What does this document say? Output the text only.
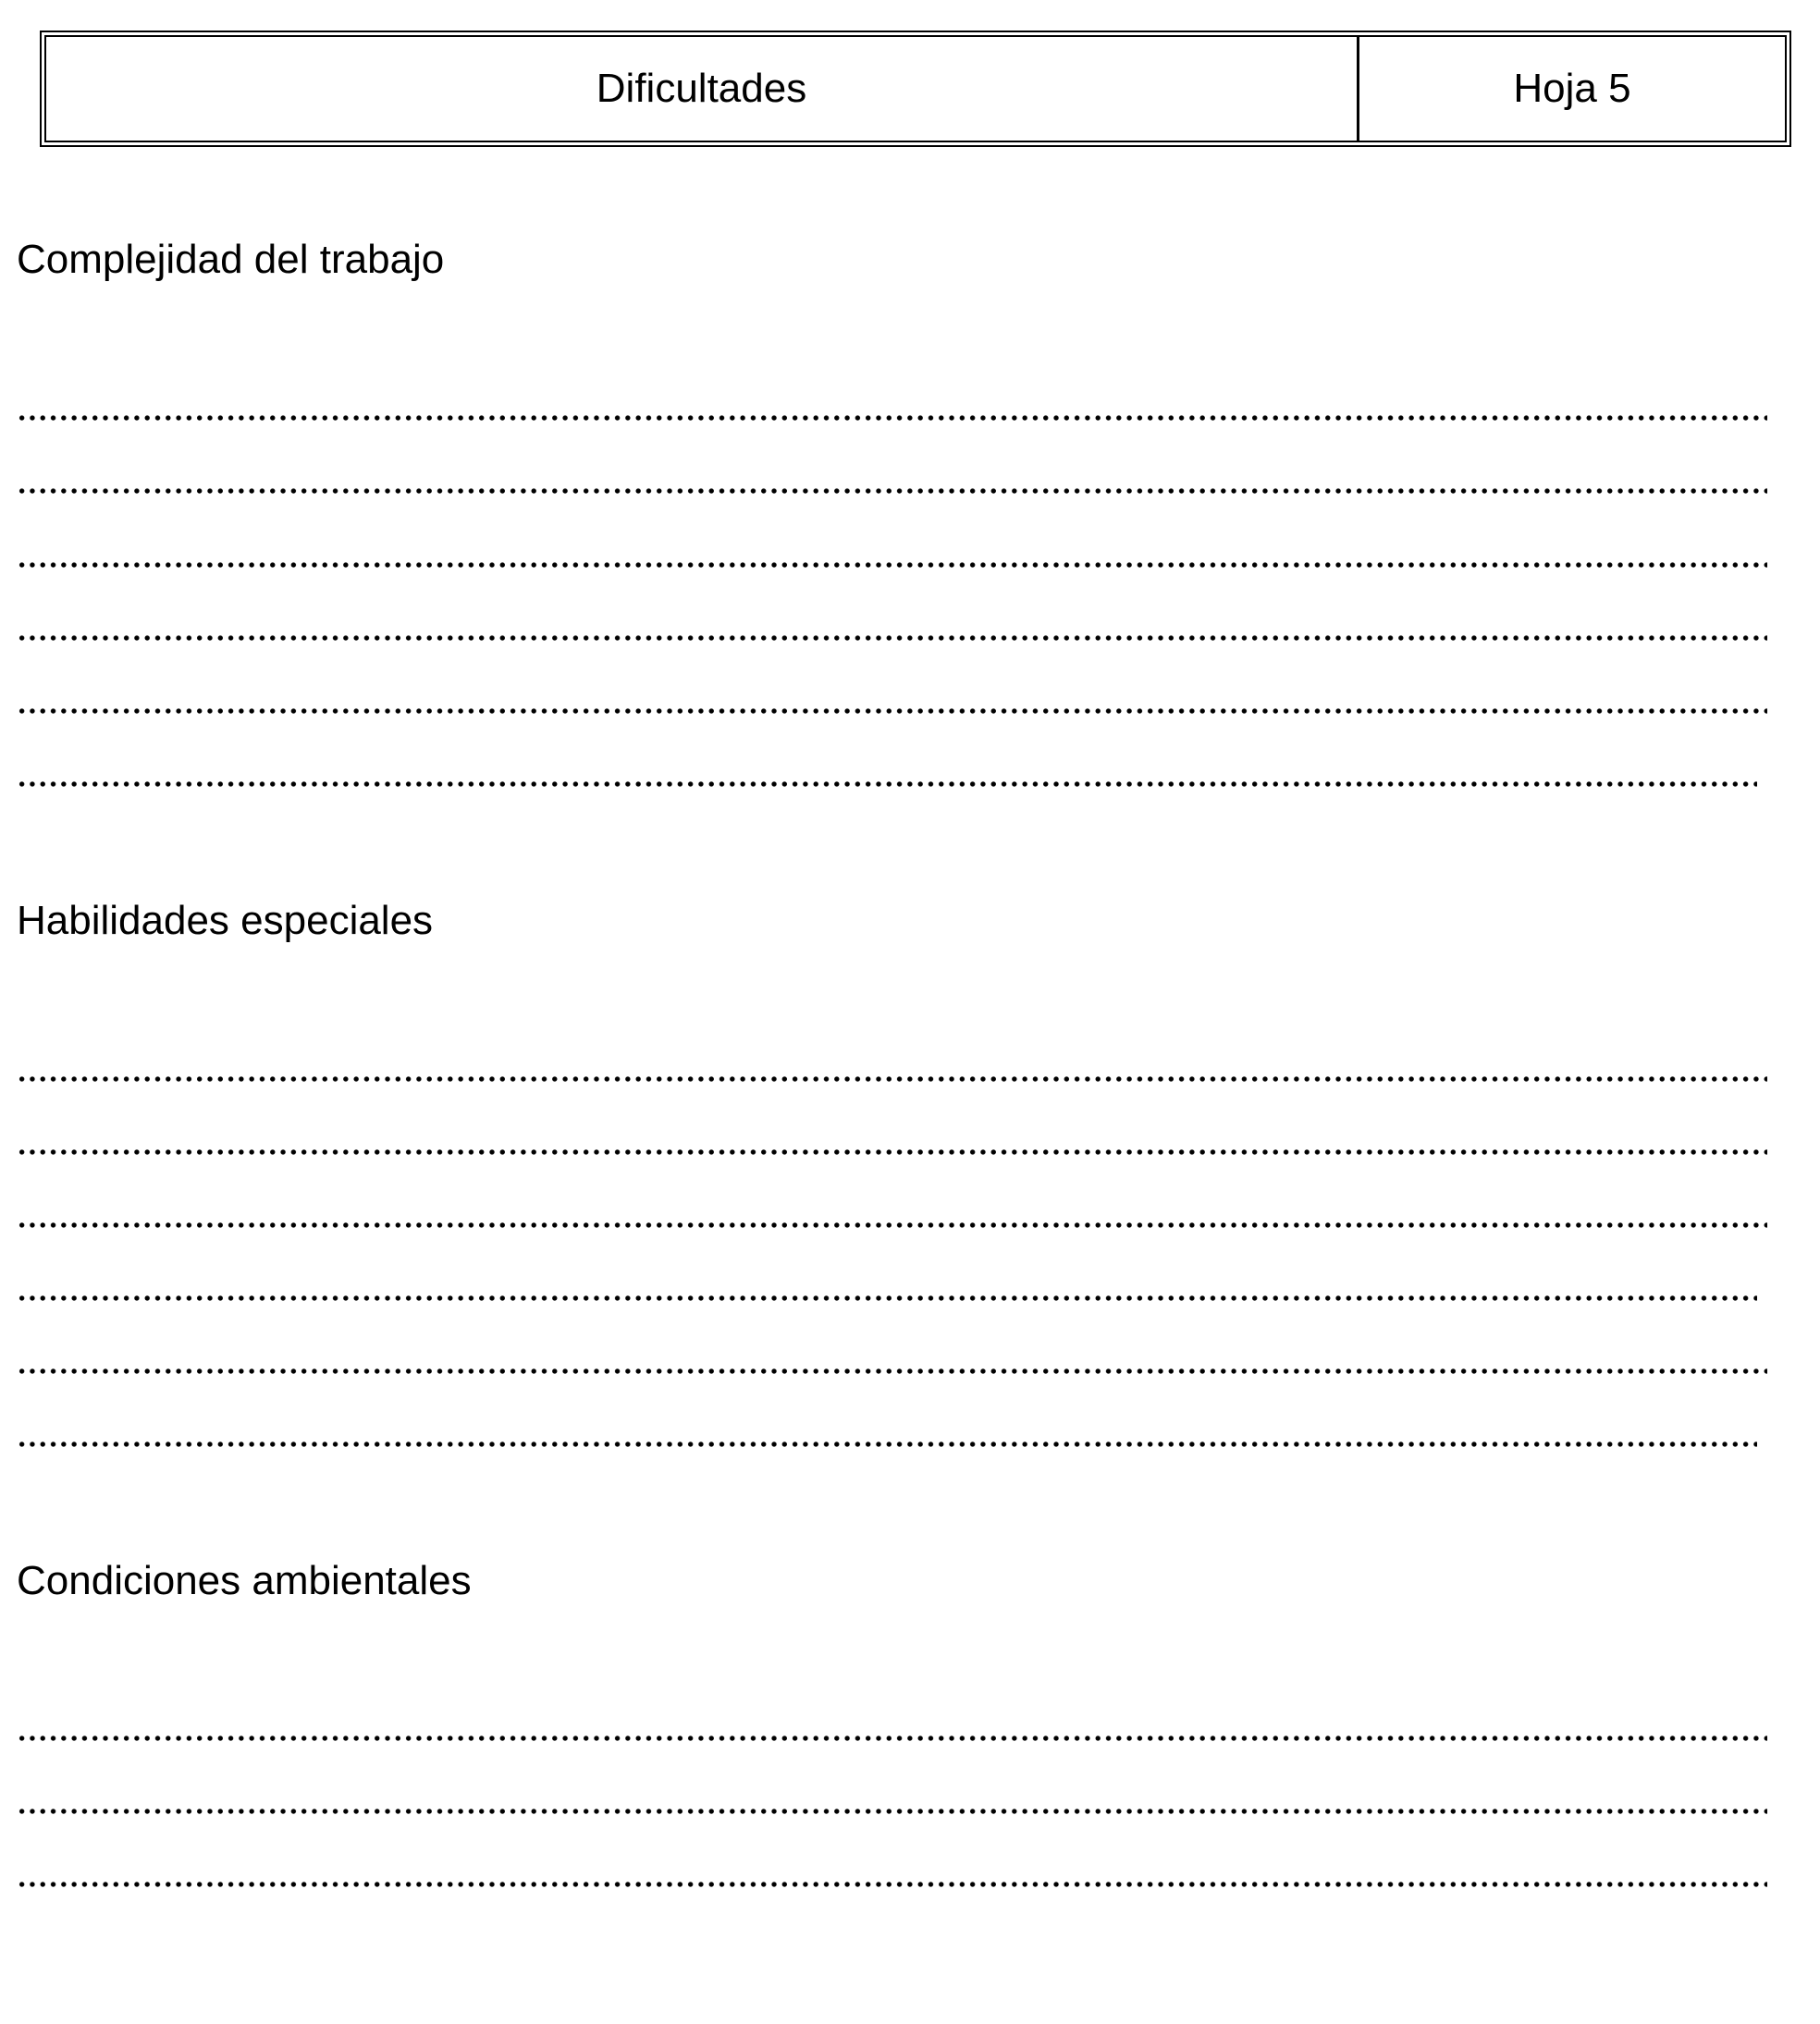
Dificultades	Hoja 5
Complejidad del trabajo
Habilidades especiales
Condiciones ambientales
